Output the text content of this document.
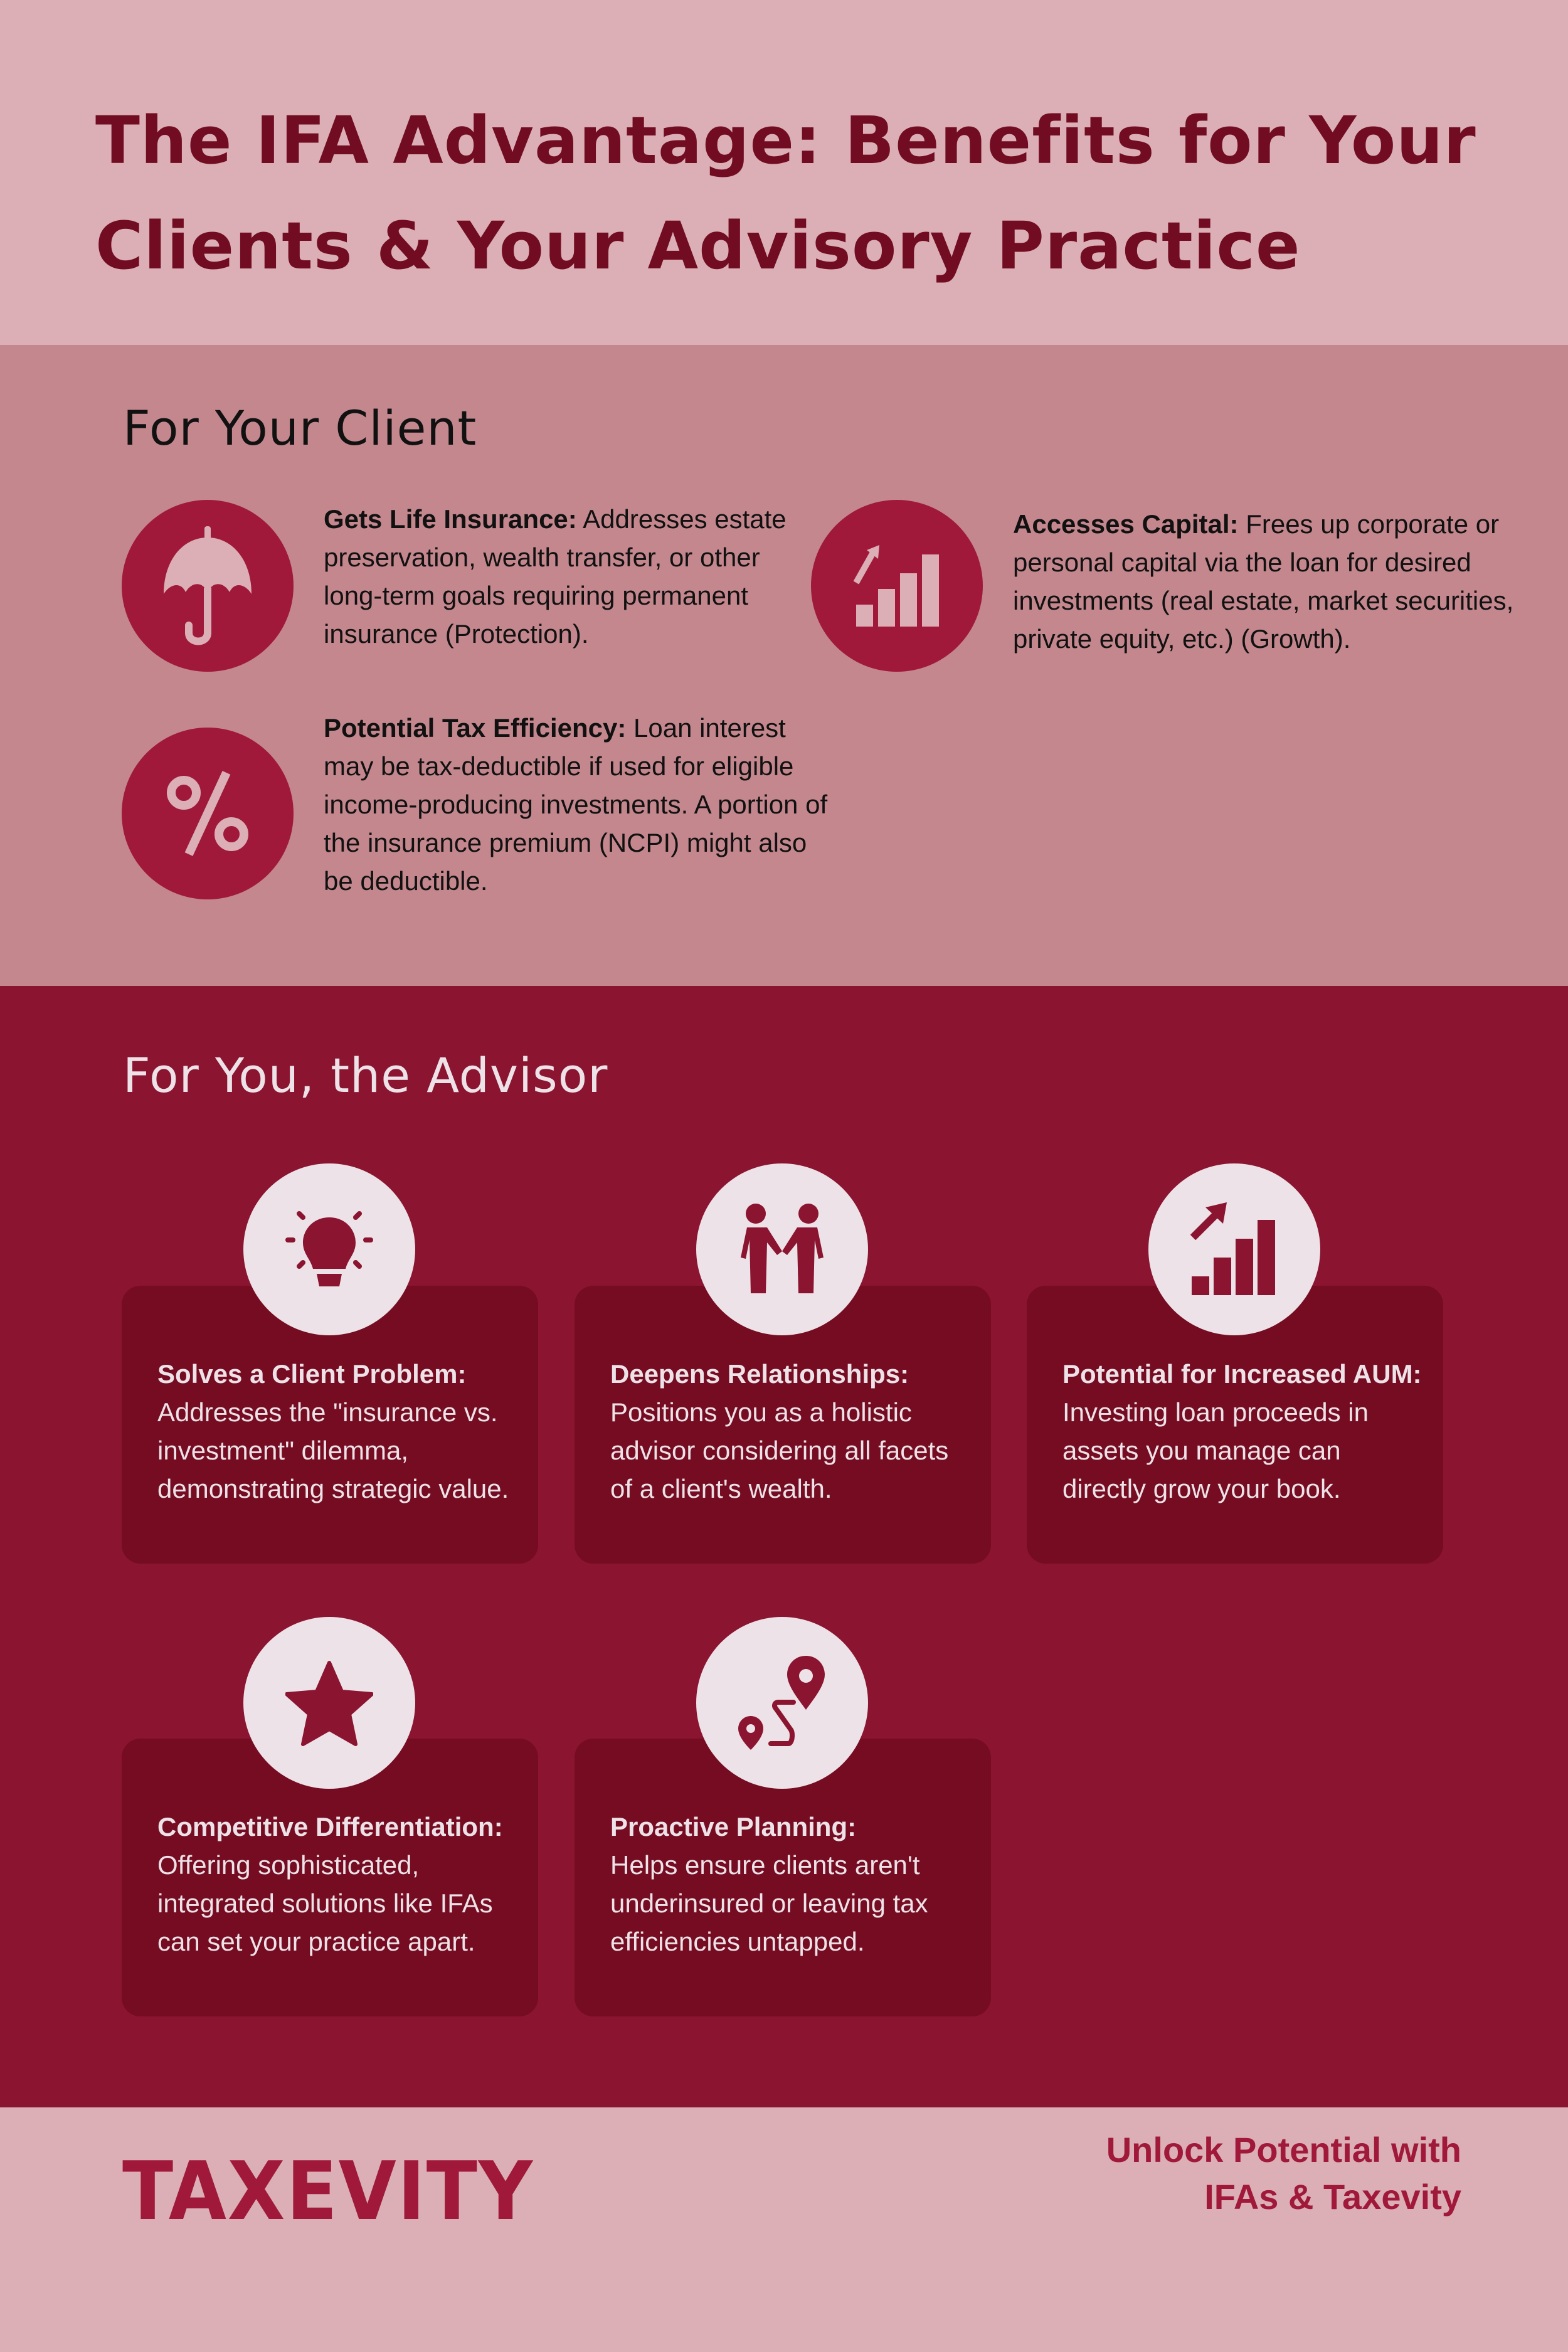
The IFA Advantage: Benefits for Your Clients & Your Advisory Practice
For Your Client
Gets Life Insurance: Addresses estate preservation, wealth transfer, or other long-term goals requiring permanent insurance (Protection).
Accesses Capital: Frees up corporate or personal capital via the loan for desired investments (real estate, market securities, private equity, etc.) (Growth).
Potential Tax Efficiency: Loan interest may be tax-deductible if used for eligible income-producing investments. A portion of the insurance premium (NCPI) might also be deductible.
For You, the Advisor
Solves a Client Problem:
Addresses the "insurance vs. investment" dilemma, demonstrating strategic value.
Deepens Relationships:
Positions you as a holistic advisor considering all facets of a client's wealth.
Potential for Increased AUM: Investing loan proceeds in assets you manage can directly grow your book.
Competitive Differentiation:
Offering sophisticated, integrated solutions like IFAs can set your practice apart.
Proactive Planning:
Helps ensure clients aren't underinsured or leaving tax efficiencies untapped.
TAXEVITY	Unlock Potential with
IFAs & Taxevity
